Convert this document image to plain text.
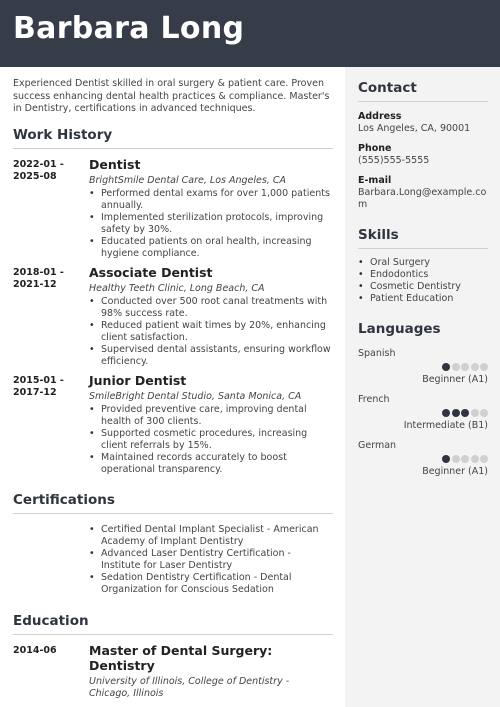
Barbara Long

Experienced Dentist skilled in oral surgery & patient care. Proven success enhancing dental health practices & compliance. Master's in Dentistry, certifications in advanced techniques.

Work History
2022-01 -
2025-08
Dentist
BrightSmile Dental Care, Los Angeles, CA
• Performed dental exams for over 1,000 patients annually.
• Implemented sterilization protocols, improving safety by 30%.
• Educated patients on oral health, increasing hygiene compliance.
2018-01 -
2021-12
Associate Dentist
Healthy Teeth Clinic, Long Beach, CA
• Conducted over 500 root canal treatments with 98% success rate.
• Reduced patient wait times by 20%, enhancing client satisfaction.
• Supervised dental assistants, ensuring workflow efficiency.
2015-01 -
2017-12
Junior Dentist
SmileBright Dental Studio, Santa Monica, CA
• Provided preventive care, improving dental health of 300 clients.
• Supported cosmetic procedures, increasing client referrals by 15%.
• Maintained records accurately to boost operational transparency.
Certifications
• Certified Dental Implant Specialist - American Academy of Implant Dentistry
• Advanced Laser Dentistry Certification - Institute for Laser Dentistry
• Sedation Dentistry Certification - Dental Organization for Conscious Sedation
Education
2014-06	Master of Dental Surgery: Dentistry
University of Illinois, College of Dentistry - Chicago, Illinois
Contact
Address
Los Angeles, CA, 90001
Phone
(555)555-5555
E-mail
Barbara.Long@example.com
Skills
• Oral Surgery
• Endodontics
• Cosmetic Dentistry
• Patient Education
Languages
Spanish
Beginner (A1)
French
Intermediate (B1)
German
Beginner (A1)
